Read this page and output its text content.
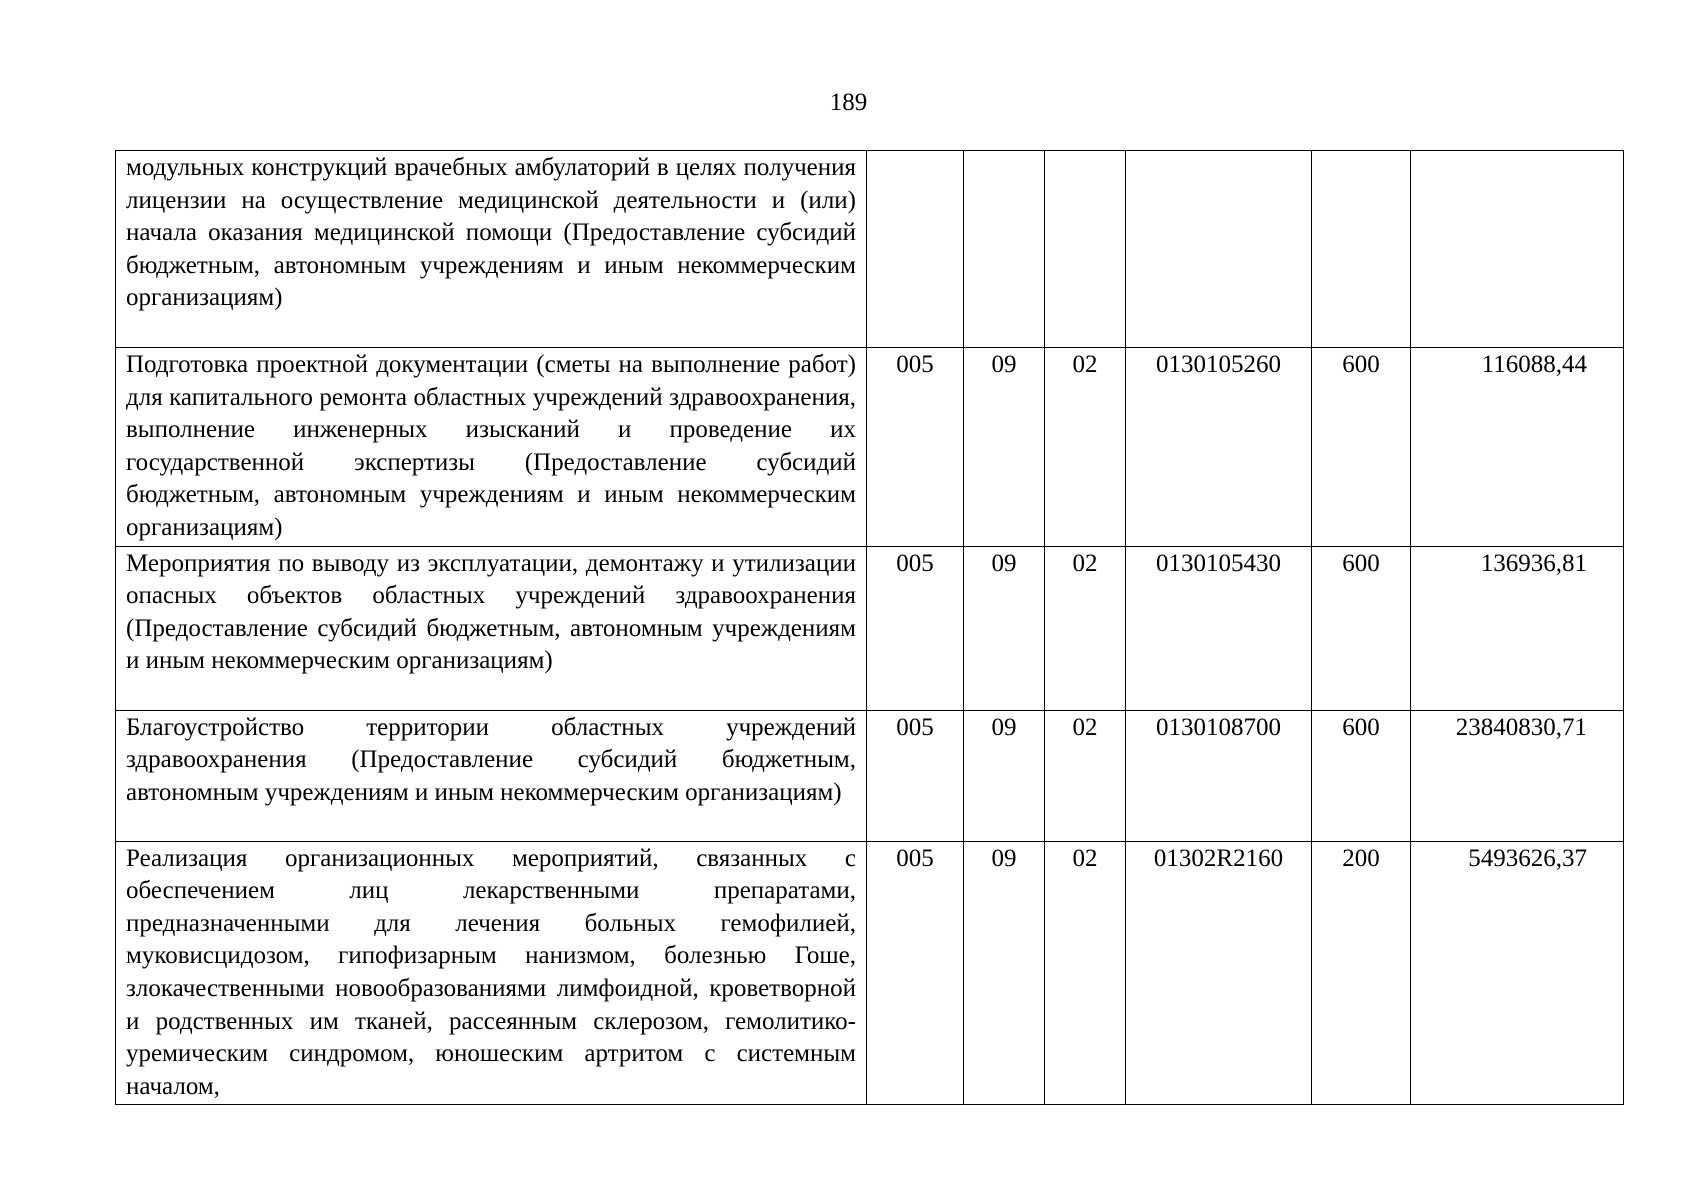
189
модульных конструкций врачебных амбулаторий в целях получения лицензии на осуществление медицинской деятельности и (или) начала оказания медицинской помощи (Предоставление субсидий бюджетным, автономным учреждениям и иным некоммерческим организациям)						
Подготовка проектной документации (сметы на выполнение работ) для капитального ремонта областных учреждений здравоохранения, выполнение инженерных изысканий и проведение их государственной экспертизы (Предоставление субсидий бюджетным, автономным учреждениям и иным некоммерческим организациям)	005	09	02	0130105260	600	116088,44
Мероприятия по выводу из эксплуатации, демонтажу и утилизации опасных объектов областных учреждений здравоохранения (Предоставление субсидий бюджетным, автономным учреждениям и иным некоммерческим организациям)	005	09	02	0130105430	600	136936,81
Благоустройство территории областных учреждений здравоохранения (Предоставление субсидий бюджетным, автономным учреждениям и иным некоммерческим организациям)	005	09	02	0130108700	600	23840830,71
Реализация организационных мероприятий, связанных с обеспечением лиц лекарственными препаратами, предназначенными для лечения больных гемофилией, муковисцидозом, гипофизарным нанизмом, болезнью Гоше, злокачественными новообразованиями лимфоидной, кроветворной и родственных им тканей, рассеянным склерозом, гемолитико-уремическим синдромом, юношеским артритом с системным началом,	005	09	02	01302R2160	200	5493626,37
